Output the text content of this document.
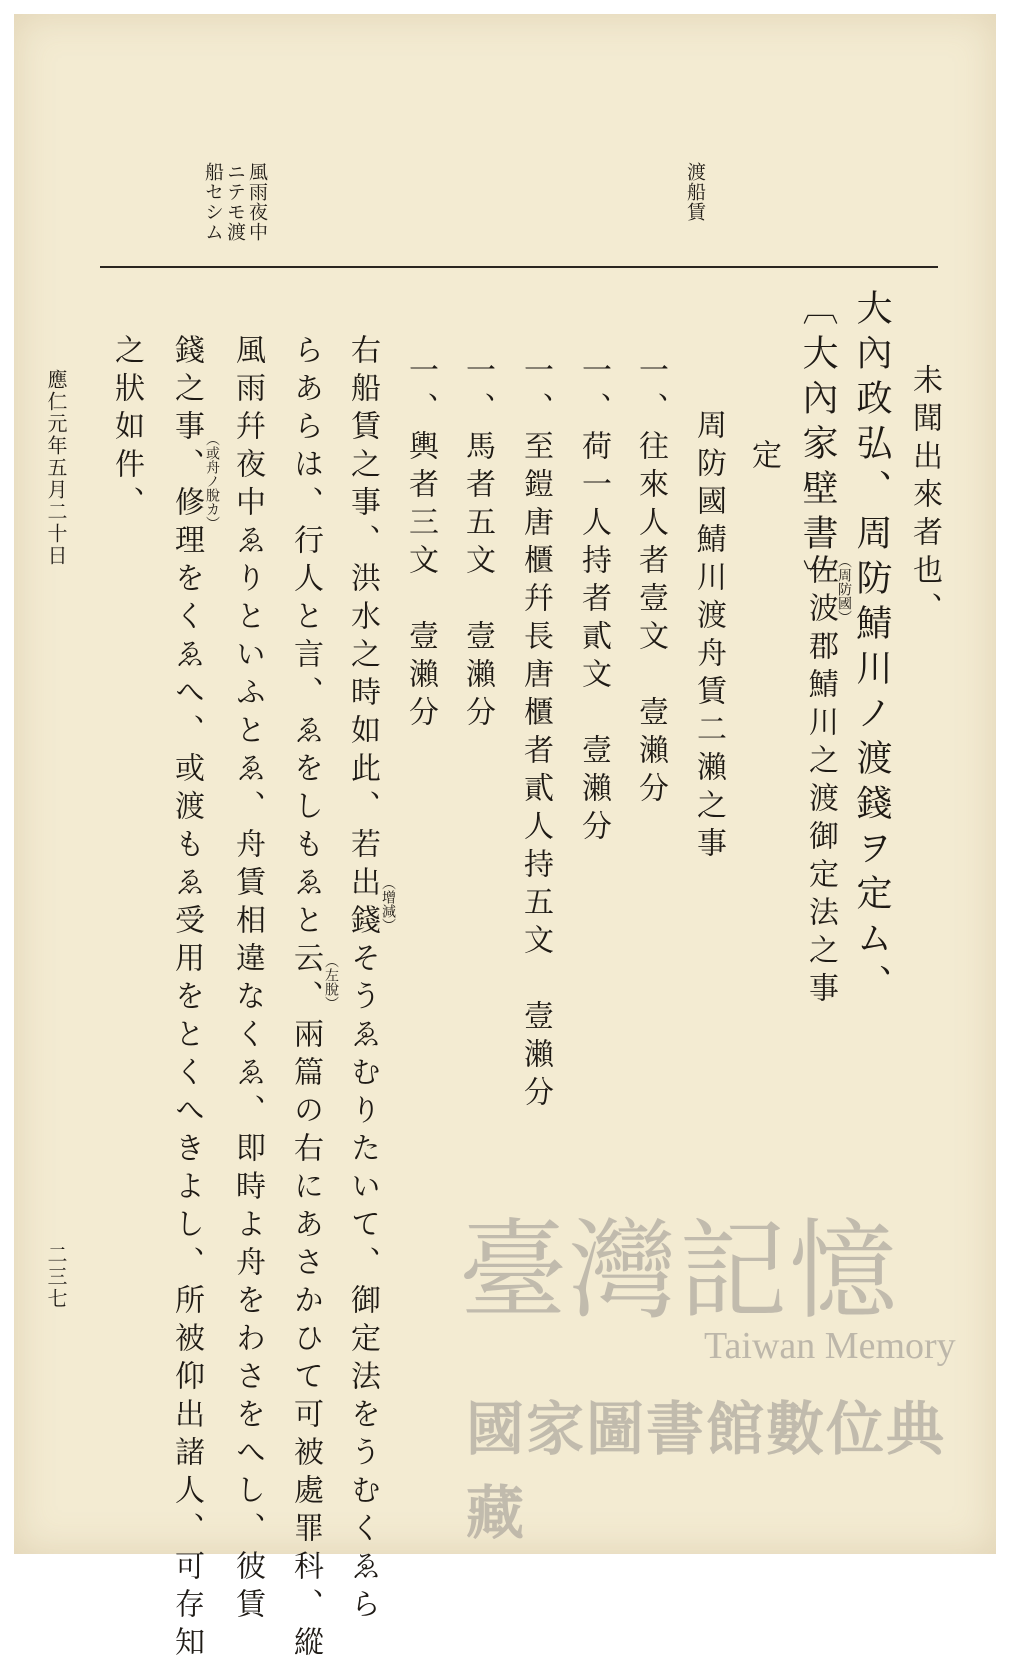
渡船賃

風雨夜中

ニテモ渡

船セシム

未聞出來者也、

大內政弘、周防鯖川ノ渡錢ヲ定ム、

〔大內家壁書〕

（周防國）

佐波郡鯖川之渡御定法之事

定

周防國鯖川渡舟賃二瀨之事

一、往來人者壹文　壹瀨分

一、荷一人持者貳文　壹瀨分

一、至鎧唐櫃幷長唐櫃者貳人持五文　壹瀨分

一、馬者五文　壹瀨分

一、輿者三文　壹瀨分

右船賃之事、洪水之時如此、若出錢そうゑむりたいて、御定法をうむくゑら （增減）

らあらは、行人と言、ゑをしもゑと云、兩篇の右にあさかひて可被處罪科、縱 （左脫）

風雨幷夜中ゑりといふとゑ、舟賃相違なくゑ、即時よ舟をわさをへし、彼賃

（或舟ノ脫カ）

錢之事、修理をくゑへ、或渡もゑ受用をとくへきよし、所被仰出諸人、可存知

之狀如件、

應仁元年五月二十日

二三七	臺灣記憶
Taiwan Memory
國家圖書館數位典藏
